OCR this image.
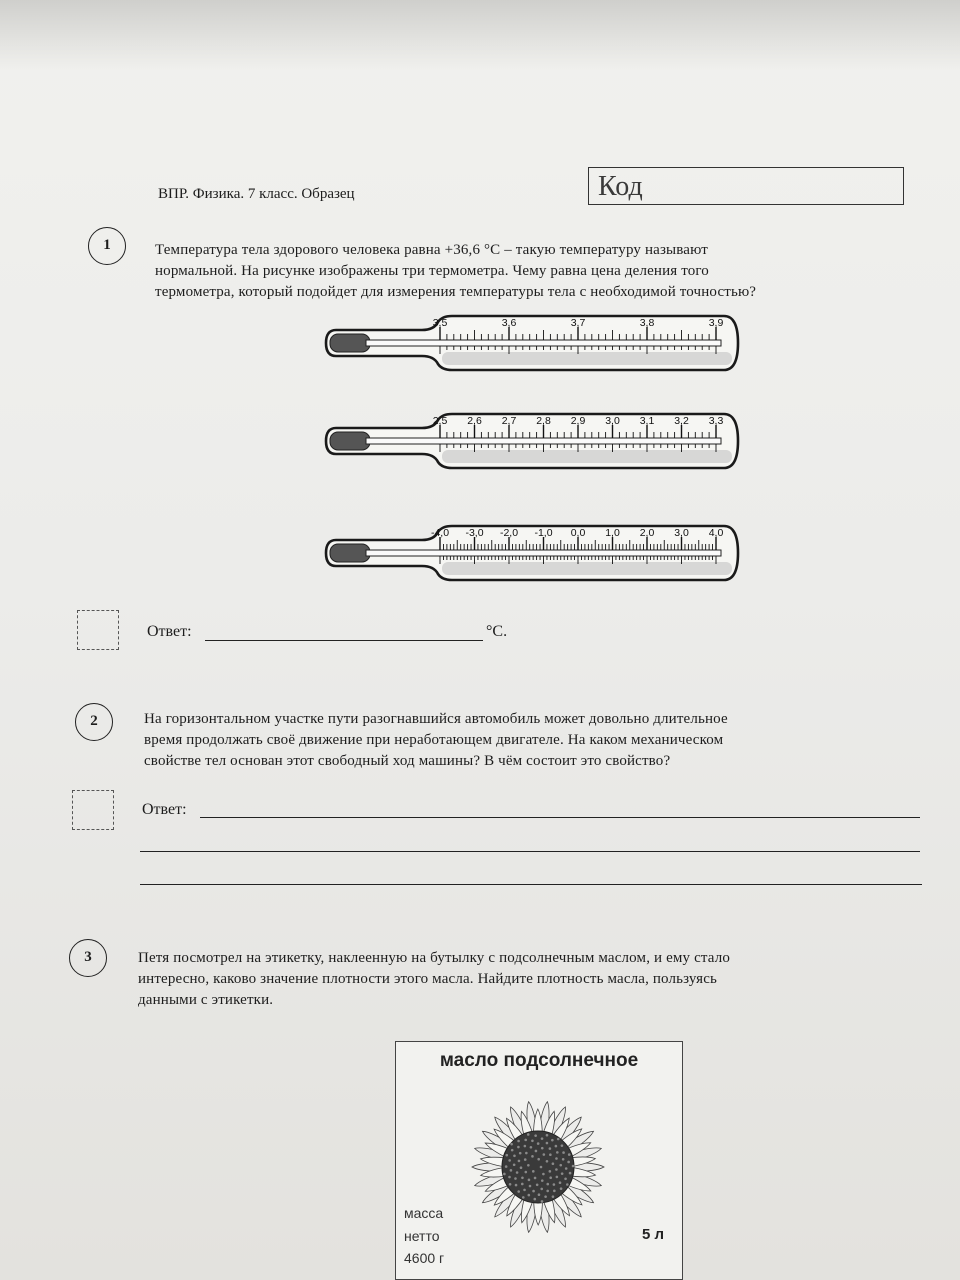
ВПР. Физика. 7 класс. Образец	Код
1	Температура тела здорового человека равна +36,6 °С – такую температуру называют
нормальной. На рисунке изображены три термометра. Чему равна цена деления того
термометра, который подойдет для измерения температуры тела с необходимой точностью?
3,5	3,6	3,7	3,8	3,9
2,5 2,6 2,7 2,8 2,9 3,0 3,1 3,2 3,3
-4,0 -3,0 -2,0 -1,0 0,0 1,0 2,0 3,0 4,0
Ответ:	°С.
2	На горизонтальном участке пути разогнавшийся автомобиль может довольно длительное
время продолжать своё движение при неработающем двигателе. На каком механическом
свойстве тел основан этот свободный ход машины? В чём состоит это свойство?
Ответ:
3	Петя посмотрел на этикетку, наклеенную на бутылку с подсолнечным маслом, и ему стало
интересно, каково значение плотности этого масла. Найдите плотность масла, пользуясь
данными с этикетки.
масло подсолнечное
масса
нетто
4600 г
5 л
